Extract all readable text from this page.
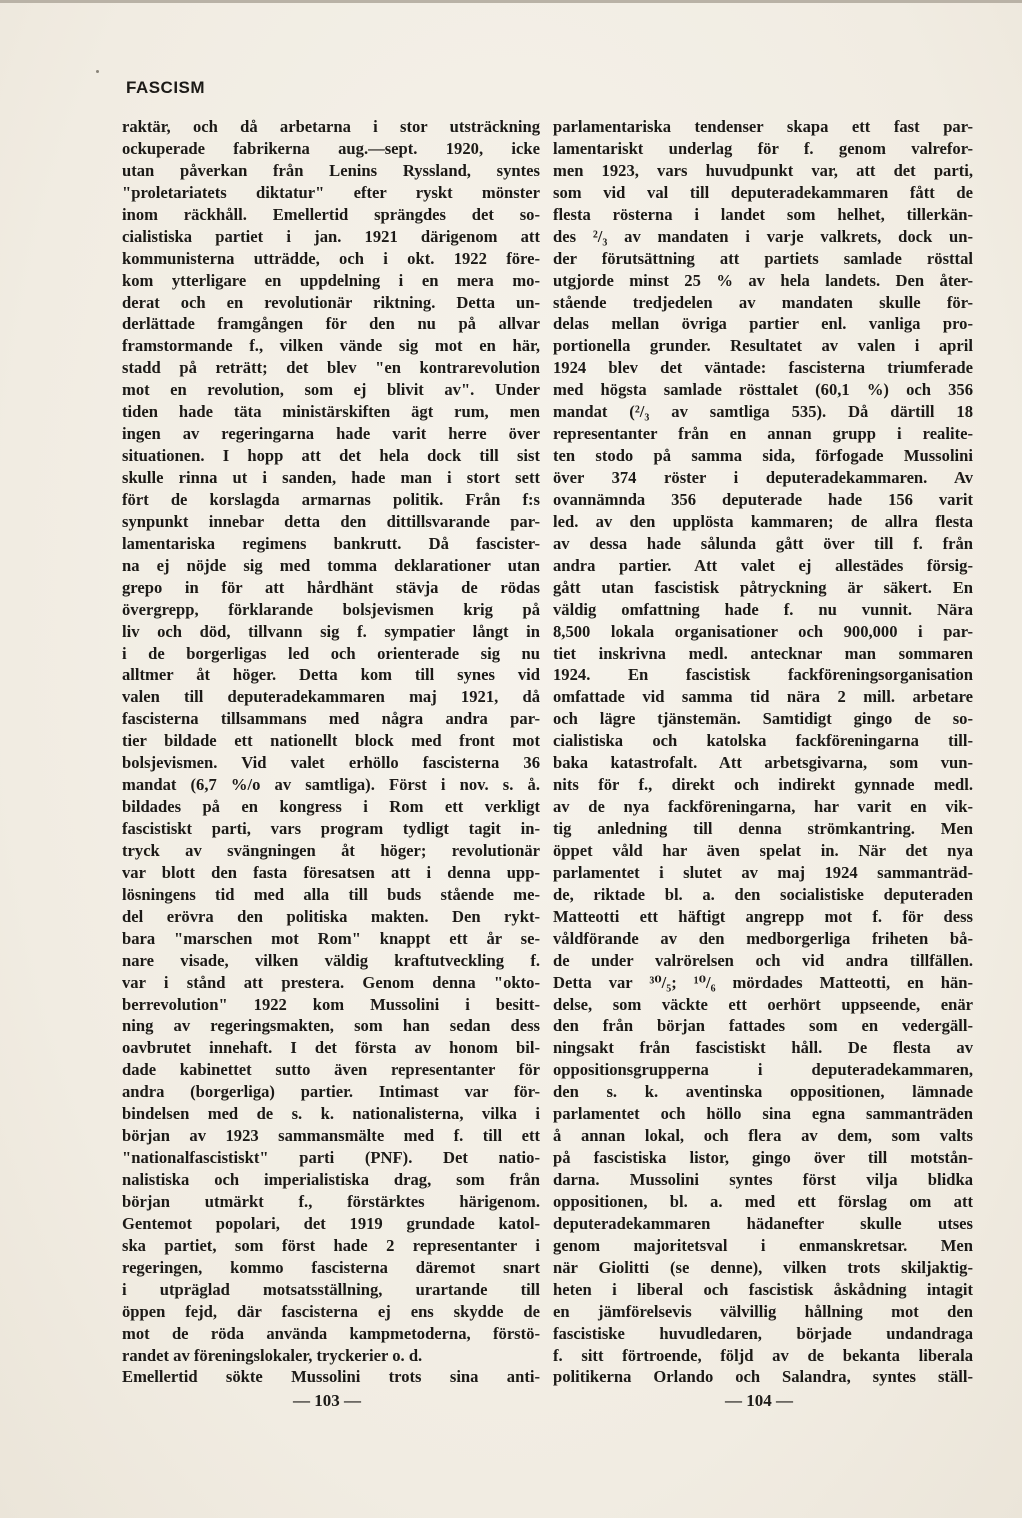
FASCISM
raktär, och då arbetarna i stor utsträckning
ockuperade fabrikerna aug.—sept. 1920, icke
utan påverkan från Lenins Ryssland, syntes
"proletariatets diktatur" efter ryskt mönster
inom räckhåll. Emellertid sprängdes det so-
cialistiska partiet i jan. 1921 därigenom att
kommunisterna utträdde, och i okt. 1922 före-
kom ytterligare en uppdelning i en mera mo-
derat och en revolutionär riktning. Detta un-
derlättade framgången för den nu på allvar
framstormande f., vilken vände sig mot en här,
stadd på reträtt; det blev "en kontrarevolution
mot en revolution, som ej blivit av". Under
tiden hade täta ministärskiften ägt rum, men
ingen av regeringarna hade varit herre över
situationen. I hopp att det hela dock till sist
skulle rinna ut i sanden, hade man i stort sett
fört de korslagda armarnas politik. Från f:s
synpunkt innebar detta den dittillsvarande par-
lamentariska regimens bankrutt. Då fascister-
na ej nöjde sig med tomma deklarationer utan
grepo in för att hårdhänt stävja de rödas
övergrepp, förklarande bolsjevismen krig på
liv och död, tillvann sig f. sympatier långt in
i de borgerligas led och orienterade sig nu
alltmer åt höger. Detta kom till synes vid
valen till deputeradekammaren maj 1921, då
fascisterna tillsammans med några andra par-
tier bildade ett nationellt block med front mot
bolsjevismen. Vid valet erhöllo fascisterna 36
mandat (6,7 %/o av samtliga). Först i nov. s. å.
bildades på en kongress i Rom ett verkligt
fascistiskt parti, vars program tydligt tagit in-
tryck av svängningen åt höger; revolutionär
var blott den fasta föresatsen att i denna upp-
lösningens tid med alla till buds stående me-
del erövra den politiska makten. Den rykt-
bara "marschen mot Rom" knappt ett år se-
nare visade, vilken väldig kraftutveckling f.
var i stånd att prestera. Genom denna "okto-
berrevolution" 1922 kom Mussolini i besitt-
ning av regeringsmakten, som han sedan dess
oavbrutet innehaft. I det första av honom bil-
dade kabinettet sutto även representanter för
andra (borgerliga) partier. Intimast var för-
bindelsen med de s. k. nationalisterna, vilka i
början av 1923 sammansmälte med f. till ett
"nationalfascistiskt" parti (PNF). Det natio-
nalistiska och imperialistiska drag, som från
början utmärkt f., förstärktes härigenom.
Gentemot popolari, det 1919 grundade katol-
ska partiet, som först hade 2 representanter i
regeringen, kommo fascisterna däremot snart
i utpräglad motsatsställning, urartande till
öppen fejd, där fascisterna ej ens skydde de
mot de röda använda kampmetoderna, förstö-
randet av föreningslokaler, tryckerier o. d.
Emellertid sökte Mussolini trots sina anti-
parlamentariska tendenser skapa ett fast par-
lamentariskt underlag för f. genom valrefor-
men 1923, vars huvudpunkt var, att det parti,
som vid val till deputeradekammaren fått de
flesta rösterna i landet som helhet, tillerkän-
des ²/₃ av mandaten i varje valkrets, dock un-
der förutsättning att partiets samlade rösttal
utgjorde minst 25 % av hela landets. Den åter-
stående tredjedelen av mandaten skulle för-
delas mellan övriga partier enl. vanliga pro-
portionella grunder. Resultatet av valen i april
1924 blev det väntade: fascisterna triumferade
med högsta samlade rösttalet (60,1 %) och 356
mandat (²/₃ av samtliga 535). Då därtill 18
representanter från en annan grupp i realite-
ten stodo på samma sida, förfogade Mussolini
över 374 röster i deputeradekammaren. Av
ovannämnda 356 deputerade hade 156 varit
led. av den upplösta kammaren; de allra flesta
av dessa hade sålunda gått över till f. från
andra partier. Att valet ej allestädes försig-
gått utan fascistisk påtryckning är säkert. En
väldig omfattning hade f. nu vunnit. Nära
8,500 lokala organisationer och 900,000 i par-
tiet inskrivna medl. antecknar man sommaren
1924. En fascistisk fackföreningsorganisation
omfattade vid samma tid nära 2 mill. arbetare
och lägre tjänstemän. Samtidigt gingo de so-
cialistiska och katolska fackföreningarna till-
baka katastrofalt. Att arbetsgivarna, som vun-
nits för f., direkt och indirekt gynnade medl.
av de nya fackföreningarna, har varit en vik-
tig anledning till denna strömkantring. Men
öppet våld har även spelat in. När det nya
parlamentet i slutet av maj 1924 sammanträd-
de, riktade bl. a. den socialistiske deputeraden
Matteotti ett häftigt angrepp mot f. för dess
våldförande av den medborgerliga friheten bå-
de under valrörelsen och vid andra tillfällen.
Detta var ³⁰/₅; ¹⁰/₆ mördades Matteotti, en hän-
delse, som väckte ett oerhört uppseende, enär
den från början fattades som en vedergäll-
ningsakt från fascistiskt håll. De flesta av
oppositionsgrupperna i deputeradekammaren,
den s. k. aventinska oppositionen, lämnade
parlamentet och höllo sina egna sammanträden
å annan lokal, och flera av dem, som valts
på fascistiska listor, gingo över till motstån-
darna. Mussolini syntes först vilja blidka
oppositionen, bl. a. med ett förslag om att
deputeradekammaren hädanefter skulle utses
genom majoritetsval i enmanskretsar. Men
när Giolitti (se denne), vilken trots skiljaktig-
heten i liberal och fascistisk åskådning intagit
en jämförelsevis välvillig hållning mot den
fascistiske huvudledaren, började undandraga
f. sitt förtroende, följd av de bekanta liberala
politikerna Orlando och Salandra, syntes ställ-
— 103 —	— 104 —
